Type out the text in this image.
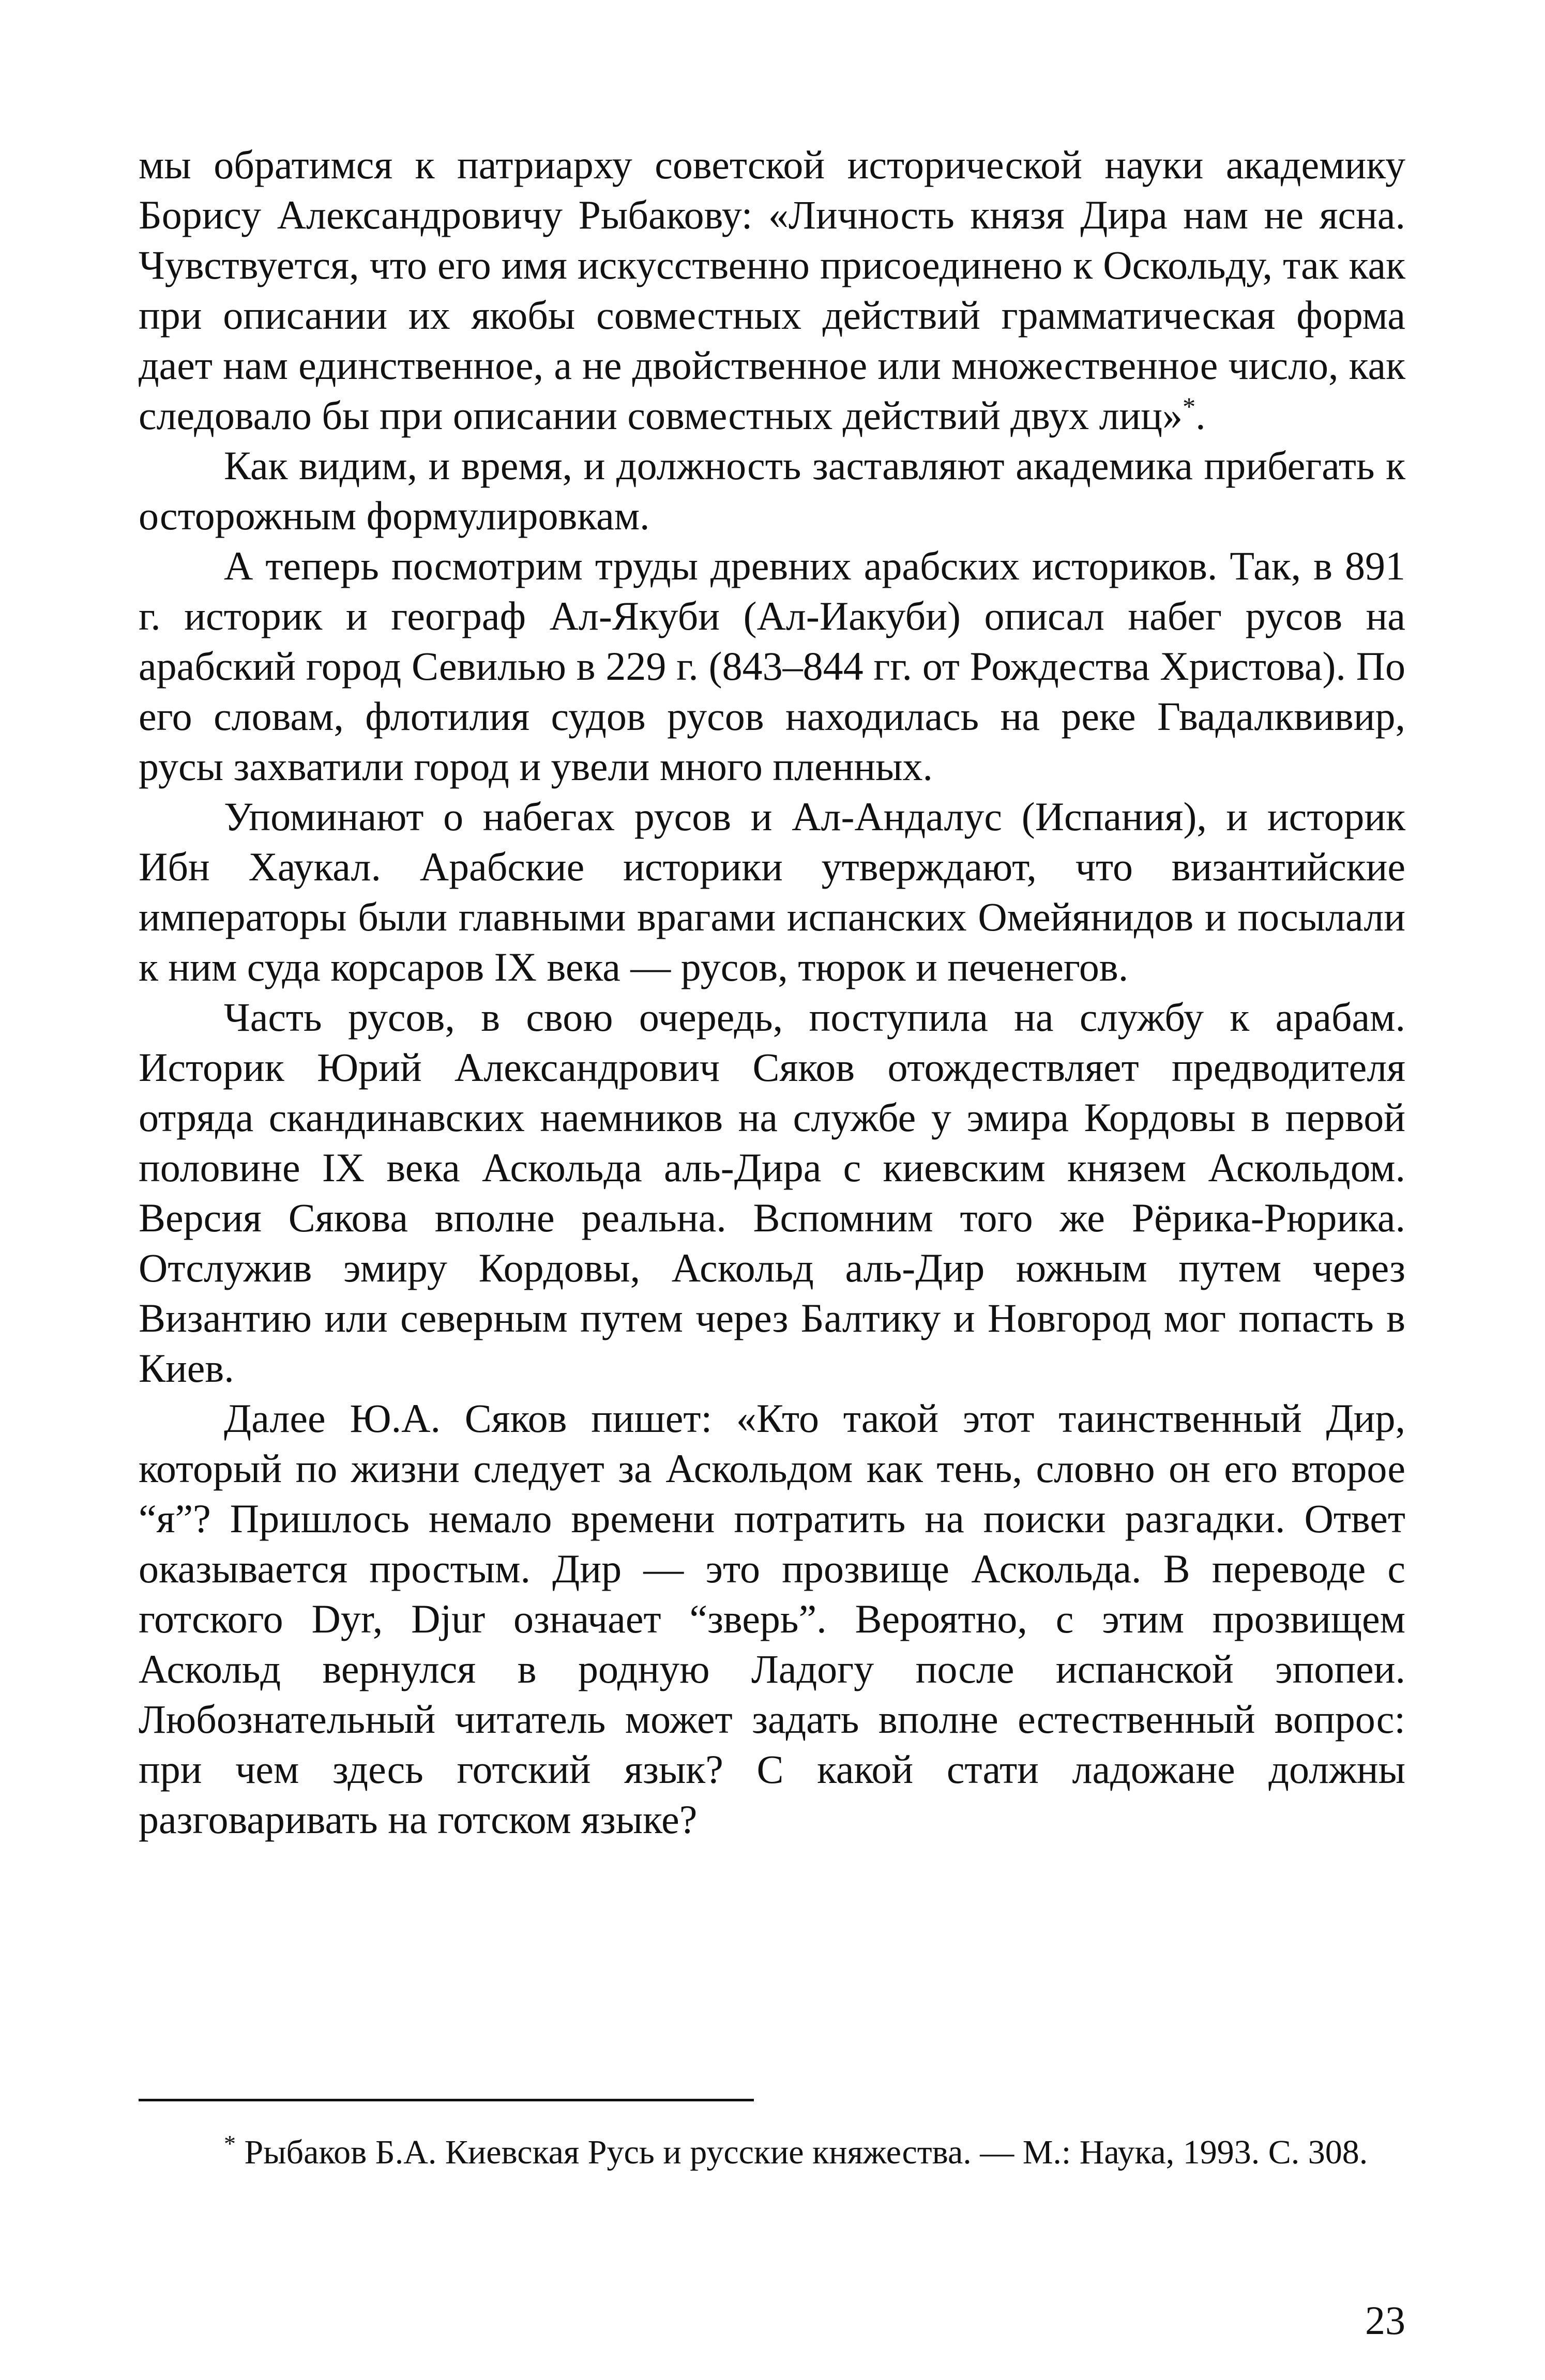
мы обратимся к патриарху советской исторической науки академику Борису Александровичу Рыбакову: «Личность князя Дира нам не ясна. Чувствуется, что его имя искусственно присоединено к Оскольду, так как при описании их якобы совместных действий грамматическая форма дает нам единственное, а не двойственное или множественное число, как следовало бы при описании совместных действий двух лиц»*.

Как видим, и время, и должность заставляют академика прибегать к осторожным формулировкам.

А теперь посмотрим труды древних арабских историков. Так, в 891 г. историк и географ Ал-Якуби (Ал-Иакуби) описал набег русов на арабский город Севилью в 229 г. (843–844 гг. от Рождества Христова). По его словам, флотилия судов русов находилась на реке Гвадалквивир, русы захватили город и увели много пленных.

Упоминают о набегах русов и Ал-Андалус (Испания), и историк Ибн Хаукал. Арабские историки утверждают, что византийские императоры были главными врагами испанских Омейянидов и посылали к ним суда корсаров IX века — русов, тюрок и печенегов.

Часть русов, в свою очередь, поступила на службу к арабам. Историк Юрий Александрович Сяков отождествляет предводителя отряда скандинавских наемников на службе у эмира Кордовы в первой половине IX века Аскольда аль-Дира с киевским князем Аскольдом. Версия Сякова вполне реальна. Вспомним того же Рёрика-Рюрика. Отслужив эмиру Кордовы, Аскольд аль-Дир южным путем через Византию или северным путем через Балтику и Новгород мог попасть в Киев.

Далее Ю.А. Сяков пишет: «Кто такой этот таинственный Дир, который по жизни следует за Аскольдом как тень, словно он его второе “я”? Пришлось немало времени потратить на поиски разгадки. Ответ оказывается простым. Дир — это прозвище Аскольда. В переводе с готского Dyr, Djur означает “зверь”. Вероятно, с этим прозвищем Аскольд вернулся в родную Ладогу после испанской эпопеи. Любознательный читатель может задать вполне естественный вопрос: при чем здесь готский язык? С какой стати ладожане должны разговаривать на готском языке?

* Рыбаков Б.А. Киевская Русь и русские княжества. — М.: Наука, 1993. С. 308.

23
